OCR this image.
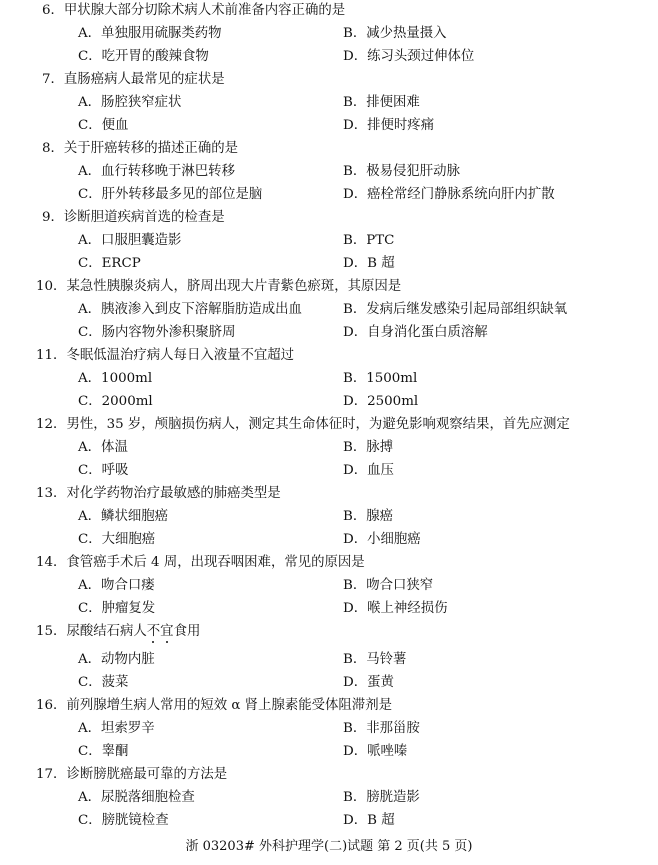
6．甲状腺大部分切除术病人术前准备内容正确的是
A．单独服用硫脲类药物	B．减少热量摄入
C．吃开胃的酸辣食物	D．练习头颈过伸体位
7．直肠癌病人最常见的症状是
A．肠腔狭窄症状	B．排便困难
C．便血	D．排便时疼痛
8．关于肝癌转移的描述正确的是
A．血行转移晚于淋巴转移	B．极易侵犯肝动脉
C．肝外转移最多见的部位是脑	D．癌栓常经门静脉系统向肝内扩散
9．诊断胆道疾病首选的检查是
A．口服胆囊造影	B．PTC
C．ERCP	D．B 超
10．某急性胰腺炎病人，脐周出现大片青紫色瘀斑，其原因是
A．胰液渗入到皮下溶解脂肪造成出血	B．发病后继发感染引起局部组织缺氧
C．肠内容物外渗积聚脐周	D．自身消化蛋白质溶解
11．冬眠低温治疗病人每日入液量不宜超过
A．1000ml	B．1500ml
C．2000ml	D．2500ml
12．男性，35 岁，颅脑损伤病人，测定其生命体征时，为避免影响观察结果，首先应测定
A．体温	B．脉搏
C．呼吸	D．血压
13．对化学药物治疗最敏感的肺癌类型是
A．鳞状细胞癌	B．腺癌
C．大细胞癌	D．小细胞癌
14．食管癌手术后 4 周，出现吞咽困难，常见的原因是
A．吻合口瘘	B．吻合口狭窄
C．肿瘤复发	D．喉上神经损伤
15．尿酸结石病人不宜食用
A．动物内脏	B．马铃薯
C．菠菜	D．蛋黄
16．前列腺增生病人常用的短效 α 肾上腺素能受体阻滞剂是
A．坦索罗辛	B．非那甾胺
C．睾酮	D．哌唑嗪
17．诊断膀胱癌最可靠的方法是
A．尿脱落细胞检查	B．膀胱造影
C．膀胱镜检查	D．B 超
浙 03203# 外科护理学(二)试题 第 2 页(共 5 页)
